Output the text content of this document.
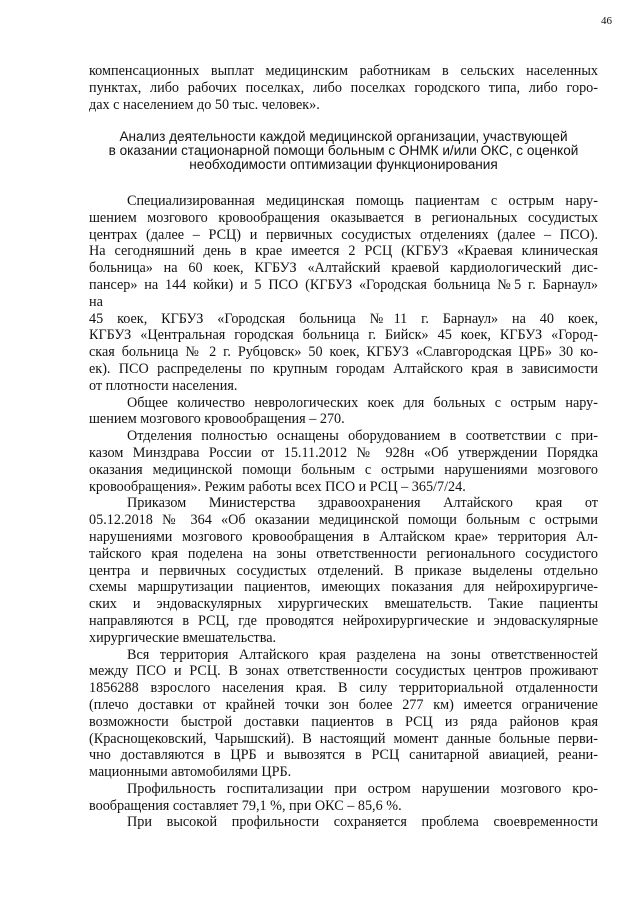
46
компенсационных выплат медицинским работникам в сельских населенных
пунктах, либо рабочих поселках, либо поселках городского типа, либо горо-
дах с населением до 50 тыс. человек».
Анализ деятельности каждой медицинской организации, участвующей
в оказании стационарной помощи больным с ОНМК и/или ОКС, с оценкой
необходимости оптимизации функционирования
Специализированная медицинская помощь пациентам с острым нару-
шением мозгового кровообращения оказывается в региональных сосудистых
центрах (далее – РСЦ) и первичных сосудистых отделениях (далее – ПСО).
На сегодняшний день в крае имеется 2 РСЦ (КГБУЗ «Краевая клиническая
больница» на 60 коек, КГБУЗ «Алтайский краевой кардиологический дис-
пансер» на 144 койки) и 5 ПСО (КГБУЗ «Городская больница №5 г. Барнаул»
на
45 коек, КГБУЗ «Городская больница №11 г. Барнаул» на 40 коек,
КГБУЗ «Центральная городская больница г. Бийск» 45 коек, КГБУЗ «Город-
ская больница № 2 г. Рубцовск» 50 коек, КГБУЗ «Славгородская ЦРБ» 30 ко-
ек). ПСО распределены по крупным городам Алтайского края в зависимости
от плотности населения.
Общее количество неврологических коек для больных с острым нару-
шением мозгового кровообращения – 270.
Отделения полностью оснащены оборудованием в соответствии с при-
казом Минздрава России от 15.11.2012 № 928н «Об утверждении Порядка
оказания медицинской помощи больным с острыми нарушениями мозгового
кровообращения». Режим работы всех ПСО и РСЦ – 365/7/24.
Приказом Министерства здравоохранения Алтайского края от
05.12.2018 № 364 «Об оказании медицинской помощи больным с острыми
нарушениями мозгового кровообращения в Алтайском крае» территория Ал-
тайского края поделена на зоны ответственности регионального сосудистого
центра и первичных сосудистых отделений. В приказе выделены отдельно
схемы маршрутизации пациентов, имеющих показания для нейрохирургиче-
ских и эндоваскулярных хирургических вмешательств. Такие пациенты
направляются в РСЦ, где проводятся нейрохирургические и эндоваскулярные
хирургические вмешательства.
Вся территория Алтайского края разделена на зоны ответственностей
между ПСО и РСЦ. В зонах ответственности сосудистых центров проживают
1856288 взрослого населения края. В силу территориальной отдаленности
(плечо доставки от крайней точки зон более 277 км) имеется ограничение
возможности быстрой доставки пациентов в РСЦ из ряда районов края
(Краснощековский, Чарышский). В настоящий момент данные больные перви-
чно доставляются в ЦРБ и вывозятся в РСЦ санитарной авиацией, реани-
мационными автомобилями ЦРБ.
Профильность госпитализации при остром нарушении мозгового кро-
вообращения составляет 79,1 %, при ОКС – 85,6 %.
При высокой профильности сохраняется проблема своевременности
